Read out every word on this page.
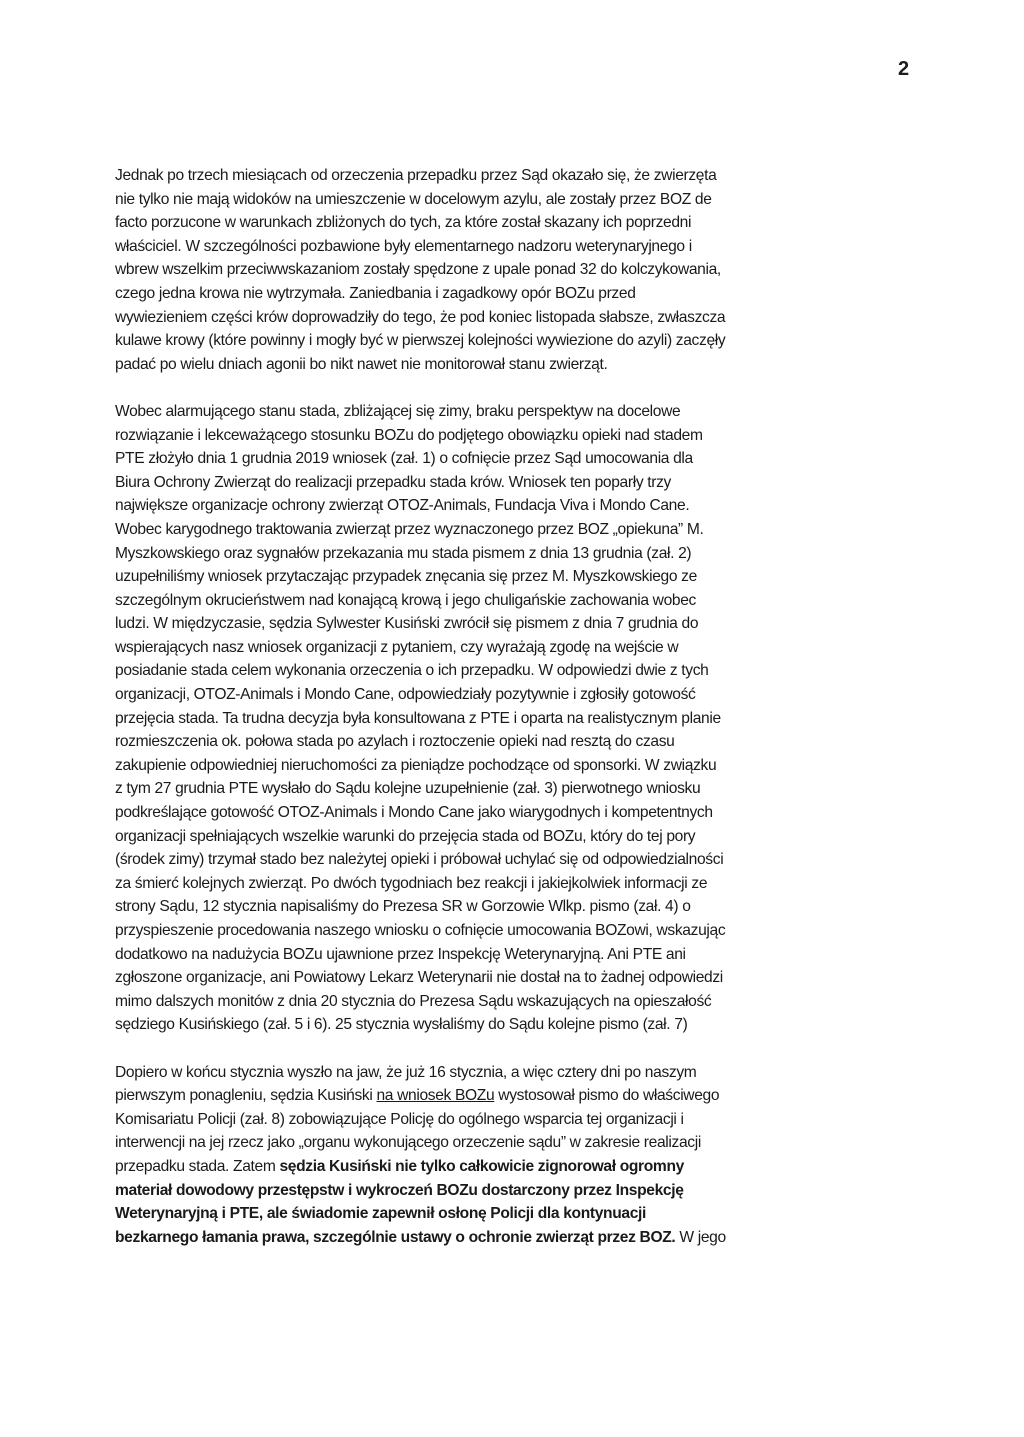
2

Jednak po trzech miesiącach od orzeczenia przepadku przez Sąd okazało się, że zwierzęta
nie tylko nie mają widoków na umieszczenie w docelowym azylu, ale zostały przez BOZ de
facto porzucone w warunkach zbliżonych do tych, za które został skazany ich poprzedni
właściciel. W szczególności pozbawione były elementarnego nadzoru weterynaryjnego i
wbrew wszelkim przeciwwskazaniom zostały spędzone z upale ponad 32 do kolczykowania,
czego jedna krowa nie wytrzymała. Zaniedbania i zagadkowy opór BOZu przed
wywiezieniem części krów doprowadziły do tego, że pod koniec listopada słabsze, zwłaszcza
kulawe krowy (które powinny i mogły być w pierwszej kolejności wywiezione do azyli) zaczęły
padać po wielu dniach agonii bo nikt nawet nie monitorował stanu zwierząt.

Wobec alarmującego stanu stada, zbliżającej się zimy, braku perspektyw na docelowe
rozwiązanie i lekceważącego stosunku BOZu do podjętego obowiązku opieki nad stadem
PTE złożyło dnia 1 grudnia 2019 wniosek (zał. 1) o cofnięcie przez Sąd umocowania dla
Biura Ochrony Zwierząt do realizacji przepadku stada krów. Wniosek ten poparły trzy
największe organizacje ochrony zwierząt OTOZ-Animals, Fundacja Viva i Mondo Cane.
Wobec karygodnego traktowania zwierząt przez wyznaczonego przez BOZ „opiekuna” M.
Myszkowskiego oraz sygnałów przekazania mu stada pismem z dnia 13 grudnia (zał. 2)
uzupełniliśmy wniosek przytaczając przypadek znęcania się przez M. Myszkowskiego ze
szczególnym okrucieństwem nad konającą krową i jego chuligańskie zachowania wobec
ludzi. W międzyczasie, sędzia Sylwester Kusiński zwrócił się pismem z dnia 7 grudnia do
wspierających nasz wniosek organizacji z pytaniem, czy wyrażają zgodę na wejście w
posiadanie stada celem wykonania orzeczenia o ich przepadku. W odpowiedzi dwie z tych
organizacji, OTOZ-Animals i Mondo Cane, odpowiedziały pozytywnie i zgłosiły gotowość
przejęcia stada. Ta trudna decyzja była konsultowana z PTE i oparta na realistycznym planie
rozmieszczenia ok. połowa stada po azylach i roztoczenie opieki nad resztą do czasu
zakupienie odpowiedniej nieruchomości za pieniądze pochodzące od sponsorki. W związku
z tym 27 grudnia PTE wysłało do Sądu kolejne uzupełnienie (zał. 3) pierwotnego wniosku
podkreślające gotowość OTOZ-Animals i Mondo Cane jako wiarygodnych i kompetentnych
organizacji spełniających wszelkie warunki do przejęcia stada od BOZu, który do tej pory
(środek zimy) trzymał stado bez należytej opieki i próbował uchylać się od odpowiedzialności
za śmierć kolejnych zwierząt. Po dwóch tygodniach bez reakcji i jakiejkolwiek informacji ze
strony Sądu, 12 stycznia napisaliśmy do Prezesa SR w Gorzowie Wlkp. pismo (zał. 4) o
przyspieszenie procedowania naszego wniosku o cofnięcie umocowania BOZowi, wskazując
dodatkowo na nadużycia BOZu ujawnione przez Inspekcję Weterynaryjną. Ani PTE ani
zgłoszone organizacje, ani Powiatowy Lekarz Weterynarii nie dostał na to żadnej odpowiedzi
mimo dalszych monitów z dnia 20 stycznia do Prezesa Sądu wskazujących na opieszałość
sędziego Kusińskiego (zał. 5 i 6). 25 stycznia wysłaliśmy do Sądu kolejne pismo (zał. 7)

Dopiero w końcu stycznia wyszło na jaw, że już 16 stycznia, a więc cztery dni po naszym
pierwszym ponagleniu, sędzia Kusiński na wniosek BOZu wystosował pismo do właściwego
Komisariatu Policji (zał. 8) zobowiązujące Policję do ogólnego wsparcia tej organizacji i
interwencji na jej rzecz jako „organu wykonującego orzeczenie sądu” w zakresie realizacji
przepadku stada. Zatem sędzia Kusiński nie tylko całkowicie zignorował ogromny
materiał dowodowy przestępstw i wykroczeń BOZu dostarczony przez Inspekcję
Weterynaryjną i PTE, ale świadomie zapewnił osłonę Policji dla kontynuacji
bezkarnego łamania prawa, szczególnie ustawy o ochronie zwierząt przez BOZ. W jego
